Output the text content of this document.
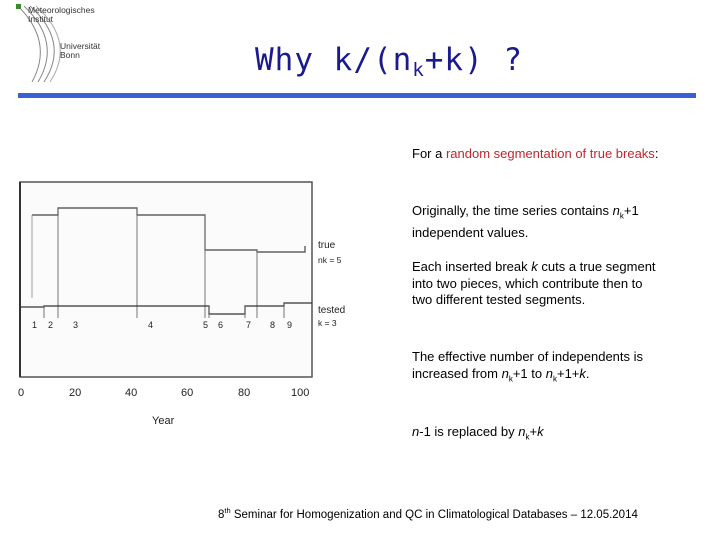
Meteorologisches
Institut
Universität
Bonn	Why $k/(n_k+k)$ ?
1 2 3	4	5 6	7 8 9
true
nk = 5
tested
k = 3
0	20	40	60	80	100
Year
For a random segmentation of true breaks:
Originally, the time series contains $n_k+1$ independent values.
Each inserted break k cuts a true segment into two pieces, which contribute then to two different tested segments.
The effective number of independents is increased from $n_k+1$ to $n_k+1+k$.
n-1 is replaced by $n_k+k$
8th Seminar for Homogenization and QC in Climatological Databases – 12.05.2014
